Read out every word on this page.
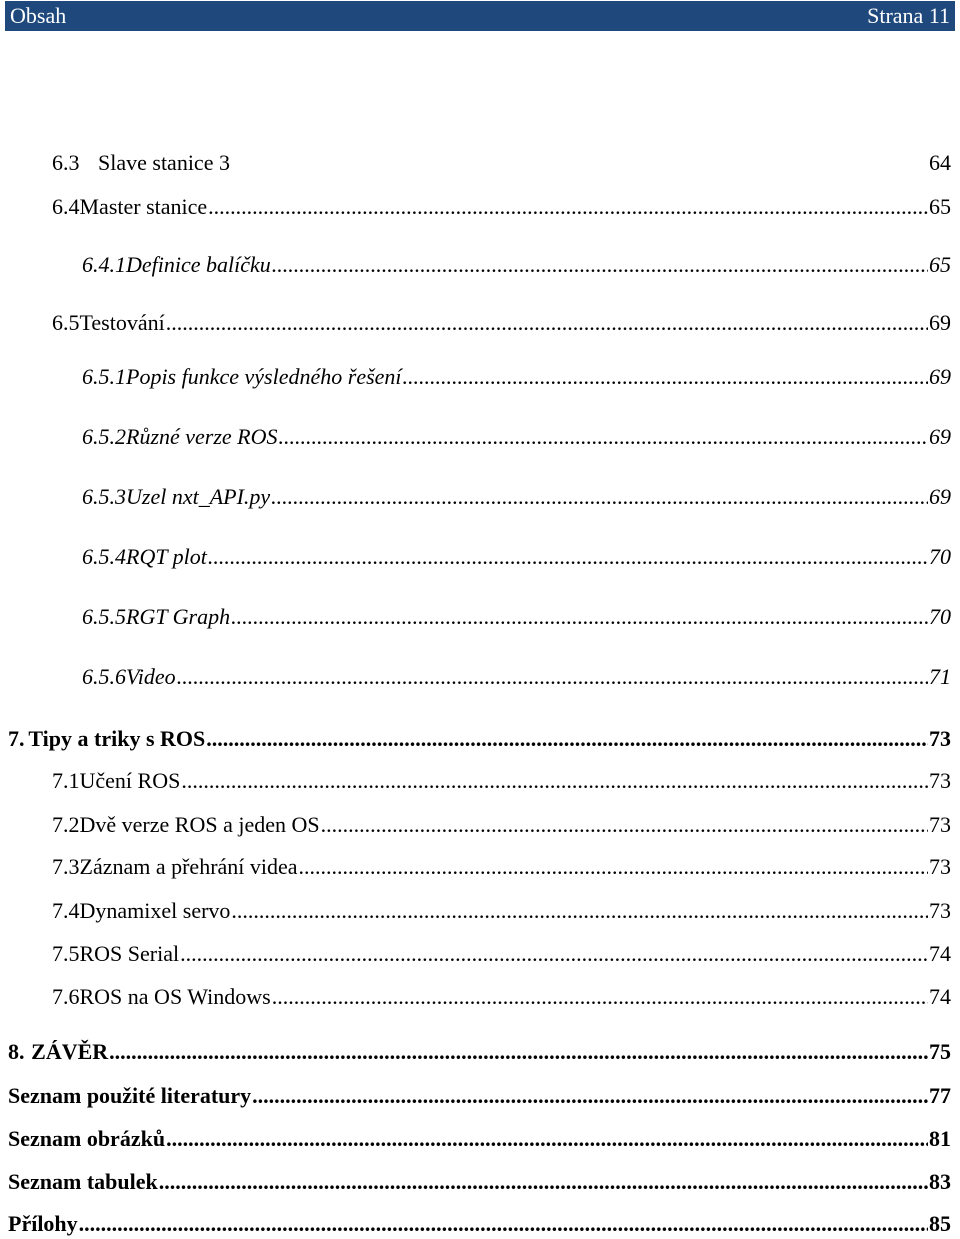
Obsah	Strana 11
6.3 Slave stanice 3	64
6.4 Master stanice .....	65
6.4.1 Definice balíčku .....	65
6.5 Testování .....	69
6.5.1 Popis funkce výsledného řešení .....	69
6.5.2 Různé verze ROS .....	69
6.5.3 Uzel nxt_API.py .....	69
6.5.4 RQT plot .....	70
6.5.5 RGT Graph .....	70
6.5.6 Video .....	71
7. Tipy a triky s ROS .....	73
7.1 Učení ROS .....	73
7.2 Dvě verze ROS a jeden OS .....	73
7.3 Záznam a přehrání videa .....	73
7.4 Dynamixel servo .....	73
7.5 ROS Serial .....	74
7.6 ROS na OS Windows .....	74
8. ZÁVĚR .....	75
Seznam použité literatury .....	77
Seznam obrázků .....	81
Seznam tabulek .....	83
Přílohy .....	85
